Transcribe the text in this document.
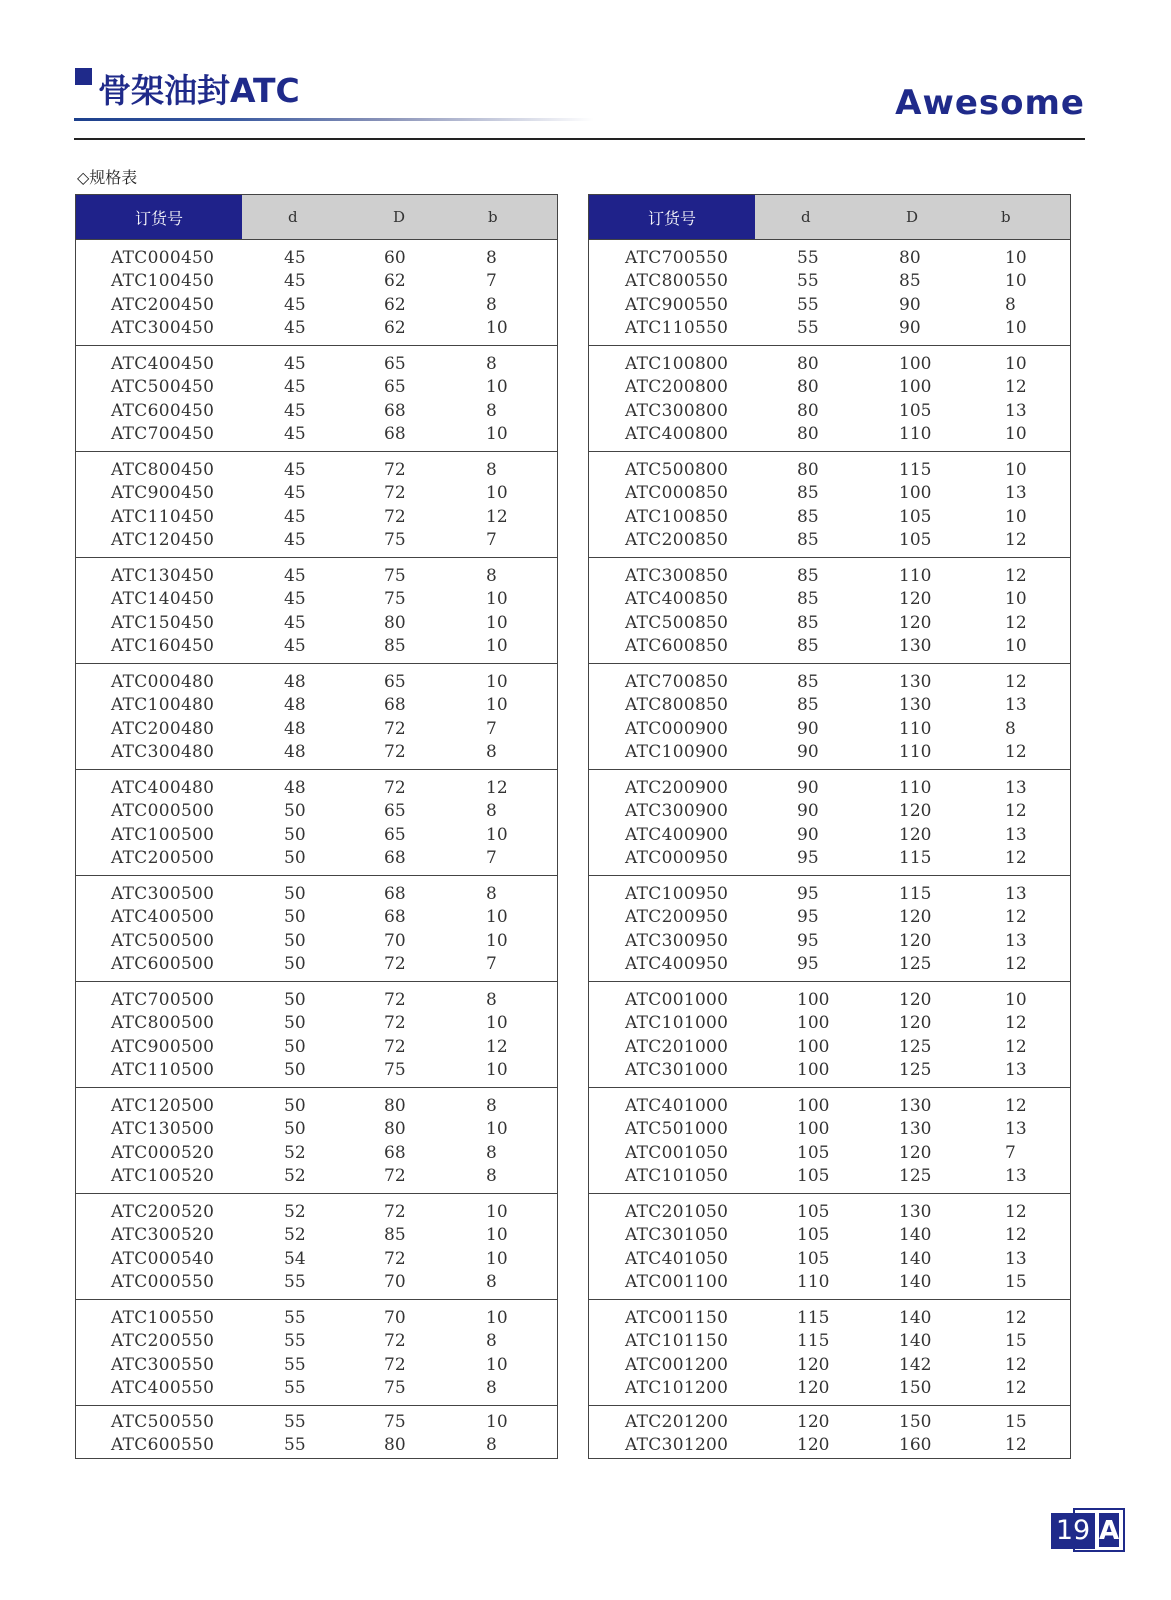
骨架油封ATC	Awesome
◇规格表
订货号	d	D	b
ATC000450	45	60	8
ATC100450	45	62	7
ATC200450	45	62	8
ATC300450	45	62	10
ATC400450	45	65	8
ATC500450	45	65	10
ATC600450	45	68	8
ATC700450	45	68	10
ATC800450	45	72	8
ATC900450	45	72	10
ATC110450	45	72	12
ATC120450	45	75	7
ATC130450	45	75	8
ATC140450	45	75	10
ATC150450	45	80	10
ATC160450	45	85	10
ATC000480	48	65	10
ATC100480	48	68	10
ATC200480	48	72	7
ATC300480	48	72	8
ATC400480	48	72	12
ATC000500	50	65	8
ATC100500	50	65	10
ATC200500	50	68	7
ATC300500	50	68	8
ATC400500	50	68	10
ATC500500	50	70	10
ATC600500	50	72	7
ATC700500	50	72	8
ATC800500	50	72	10
ATC900500	50	72	12
ATC110500	50	75	10
ATC120500	50	80	8
ATC130500	50	80	10
ATC000520	52	68	8
ATC100520	52	72	8
ATC200520	52	72	10
ATC300520	52	85	10
ATC000540	54	72	10
ATC000550	55	70	8
ATC100550	55	70	10
ATC200550	55	72	8
ATC300550	55	72	10
ATC400550	55	75	8
ATC500550	55	75	10
ATC600550	55	80	8
订货号	d	D	b
ATC700550	55	80	10
ATC800550	55	85	10
ATC900550	55	90	8
ATC110550	55	90	10
ATC100800	80	100	10
ATC200800	80	100	12
ATC300800	80	105	13
ATC400800	80	110	10
ATC500800	80	115	10
ATC000850	85	100	13
ATC100850	85	105	10
ATC200850	85	105	12
ATC300850	85	110	12
ATC400850	85	120	10
ATC500850	85	120	12
ATC600850	85	130	10
ATC700850	85	130	12
ATC800850	85	130	13
ATC000900	90	110	8
ATC100900	90	110	12
ATC200900	90	110	13
ATC300900	90	120	12
ATC400900	90	120	13
ATC000950	95	115	12
ATC100950	95	115	13
ATC200950	95	120	12
ATC300950	95	120	13
ATC400950	95	125	12
ATC001000	100	120	10
ATC101000	100	120	12
ATC201000	100	125	12
ATC301000	100	125	13
ATC401000	100	130	12
ATC501000	100	130	13
ATC001050	105	120	7
ATC101050	105	125	13
ATC201050	105	130	12
ATC301050	105	140	12
ATC401050	105	140	13
ATC001100	110	140	15
ATC001150	115	140	12
ATC101150	115	140	15
ATC001200	120	142	12
ATC101200	120	150	12
ATC201200	120	150	15
ATC301200	120	160	12
19 A
